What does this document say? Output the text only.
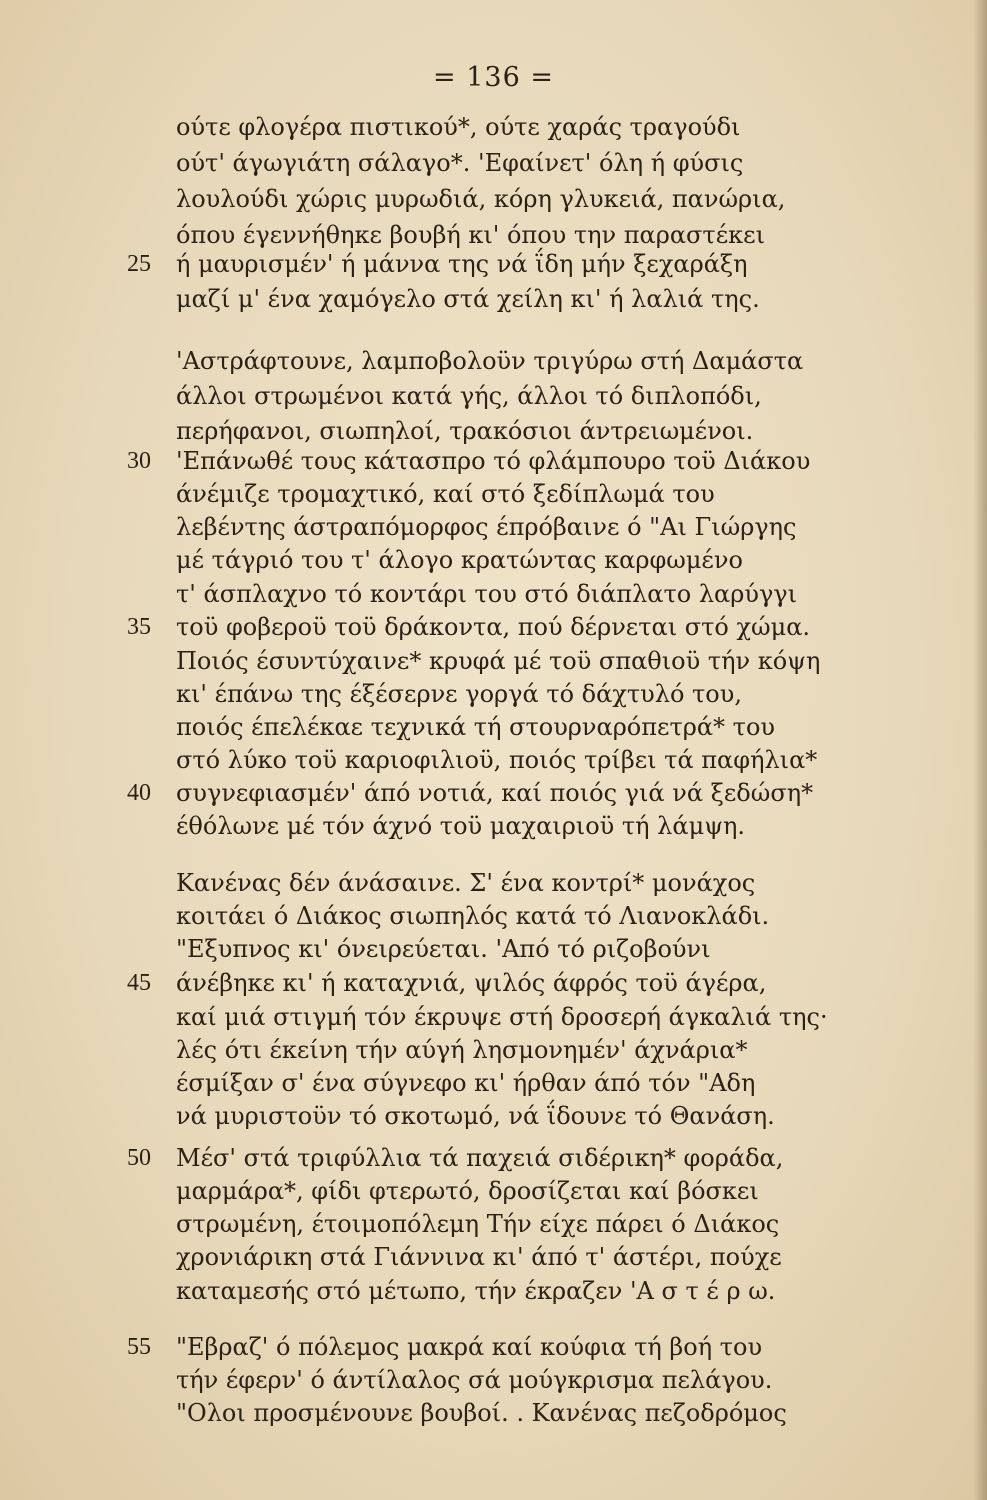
= 136 =
ούτε φλογέρα πιστικού*, ούτε χαράς τραγούδι
ούτ' άγωγιάτη σάλαγο*. 'Εφαίνετ' όλη ή φύσις
λουλούδι χώρις μυρωδιά, κόρη γλυκειά, πανώρια,
όπου έγεννήθηκε βουβή κι' όπου την παραστέκει
25	ή μαυρισμέν' ή μάννα της νά ΐδη μήν ξεχαράξη
μαζί μ' ένα χαμόγελο στά χείλη κι' ή λαλιά της.
'Αστράφτουνε, λαμποβολοϋν τριγύρω στή Δαμάστα
άλλοι στρωμένοι κατά γής, άλλοι τό διπλοπόδι,
περήφανοι, σιωπηλοί, τρακόσιοι άντρειωμένοι.
30	'Επάνωθέ τους κάτασπρο τό φλάμπουρο τοϋ Διάκου
άνέμιζε τρομαχτικό, καί στό ξεδίπλωμά του
λεβέντης άστραπόμορφος έπρόβαινε ό "Αι Γιώργης
μέ τάγριό του τ' άλογο κρατώντας καρφωμένο
τ' άσπλαχνο τό κοντάρι του στό διάπλατο λαρύγγι
35	τοϋ φοβεροϋ τοϋ δράκοντα, πού δέρνεται στό χώμα.
Ποιός έσυντύχαινε* κρυφά μέ τοϋ σπαθιοϋ τήν κόψη
κι' έπάνω της έξέσερνε γοργά τό δάχτυλό του,
ποιός έπελέκαε τεχνικά τή στουρναρόπετρά* του
στό λύκο τοϋ καριοφιλιοϋ, ποιός τρίβει τά παφήλια*
40	συγνεφιασμέν' άπό νοτιά, καί ποιός γιά νά ξεδώση*
έθόλωνε μέ τόν άχνό τοϋ μαχαιριοϋ τή λάμψη.
Κανένας δέν άνάσαινε. Σ' ένα κοντρί* μονάχος
κοιτάει ό Διάκος σιωπηλός κατά τό Λιανοκλάδι.
"Εξυπνος κι' όνειρεύεται. 'Από τό ριζοβούνι
45	άνέβηκε κι' ή καταχνιά, ψιλός άφρός τοϋ άγέρα,
καί μιά στιγμή τόν έκρυψε στή δροσερή άγκαλιά της·
λές ότι έκείνη τήν αύγή λησμονημέν' άχνάρια*
έσμίξαν σ' ένα σύγνεφο κι' ήρθαν άπό τόν "Αδη
νά μυριστοϋν τό σκοτωμό, νά ΐδουνε τό Θανάση.
50	Μέσ' στά τριφύλλια τά παχειά σιδέρικη* φοράδα,
μαρμάρα*, φίδι φτερωτό, δροσίζεται καί βόσκει
στρωμένη, έτοιμοπόλεμη Τήν είχε πάρει ό Διάκος
χρονιάρικη στά Γιάννινα κι' άπό τ' άστέρι, πούχε
καταμεσής στό μέτωπο, τήν έκραζεν 'Α σ τ έ ρ ω.
55	"Εβραζ' ό πόλεμος μακρά καί κούφια τή βοή του
τήν έφερν' ό άντίλαλος σά μούγκρισμα πελάγου.
"Ολοι προσμένουνε βουβοί. . Κανένας πεζοδρόμος
